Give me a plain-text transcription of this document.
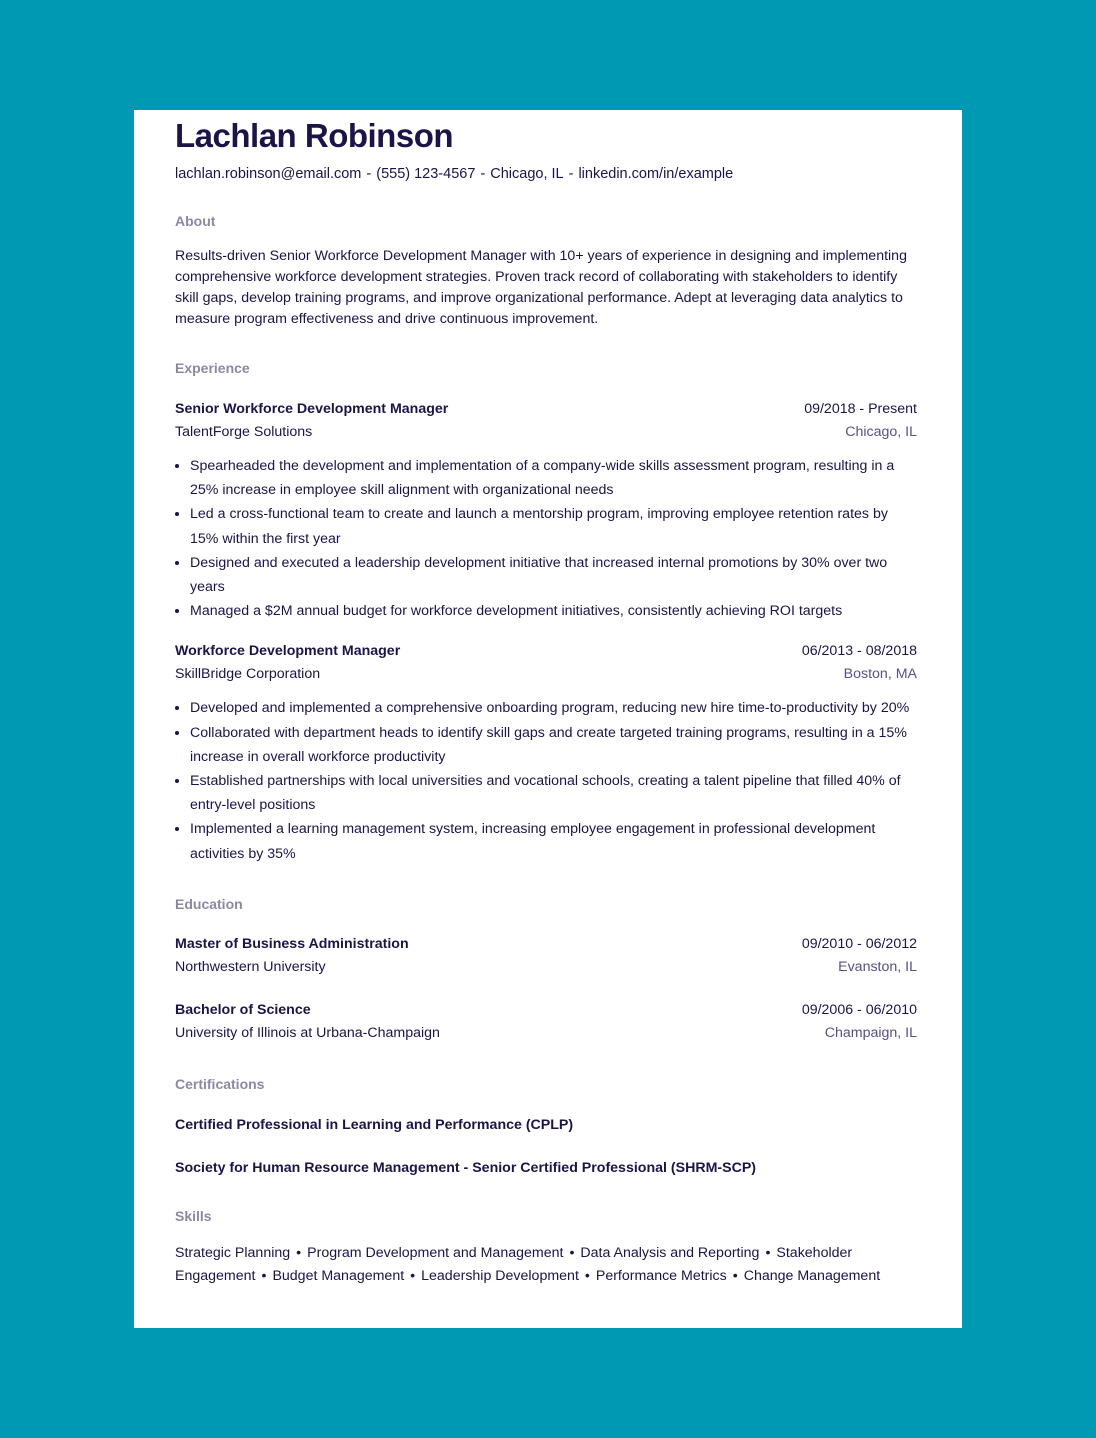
Lachlan Robinson
lachlan.robinson@email.com - (555) 123-4567 - Chicago, IL - linkedin.com/in/example
About
Results-driven Senior Workforce Development Manager with 10+ years of experience in designing and implementing comprehensive workforce development strategies. Proven track record of collaborating with stakeholders to identify skill gaps, develop training programs, and improve organizational performance. Adept at leveraging data analytics to measure program effectiveness and drive continuous improvement.
Experience
Senior Workforce Development Manager	09/2018 - Present
TalentForge Solutions	Chicago, IL
• Spearheaded the development and implementation of a company-wide skills assessment program, resulting in a 25% increase in employee skill alignment with organizational needs
• Led a cross-functional team to create and launch a mentorship program, improving employee retention rates by 15% within the first year
• Designed and executed a leadership development initiative that increased internal promotions by 30% over two years
• Managed a $2M annual budget for workforce development initiatives, consistently achieving ROI targets
Workforce Development Manager	06/2013 - 08/2018
SkillBridge Corporation	Boston, MA
• Developed and implemented a comprehensive onboarding program, reducing new hire time-to-productivity by 20%
• Collaborated with department heads to identify skill gaps and create targeted training programs, resulting in a 15% increase in overall workforce productivity
• Established partnerships with local universities and vocational schools, creating a talent pipeline that filled 40% of entry-level positions
• Implemented a learning management system, increasing employee engagement in professional development activities by 35%
Education
Master of Business Administration	09/2010 - 06/2012
Northwestern University	Evanston, IL
Bachelor of Science	09/2006 - 06/2010
University of Illinois at Urbana-Champaign	Champaign, IL
Certifications
Certified Professional in Learning and Performance (CPLP)
Society for Human Resource Management - Senior Certified Professional (SHRM-SCP)
Skills
Strategic Planning • Program Development and Management • Data Analysis and Reporting • Stakeholder Engagement • Budget Management • Leadership Development • Performance Metrics • Change Management
